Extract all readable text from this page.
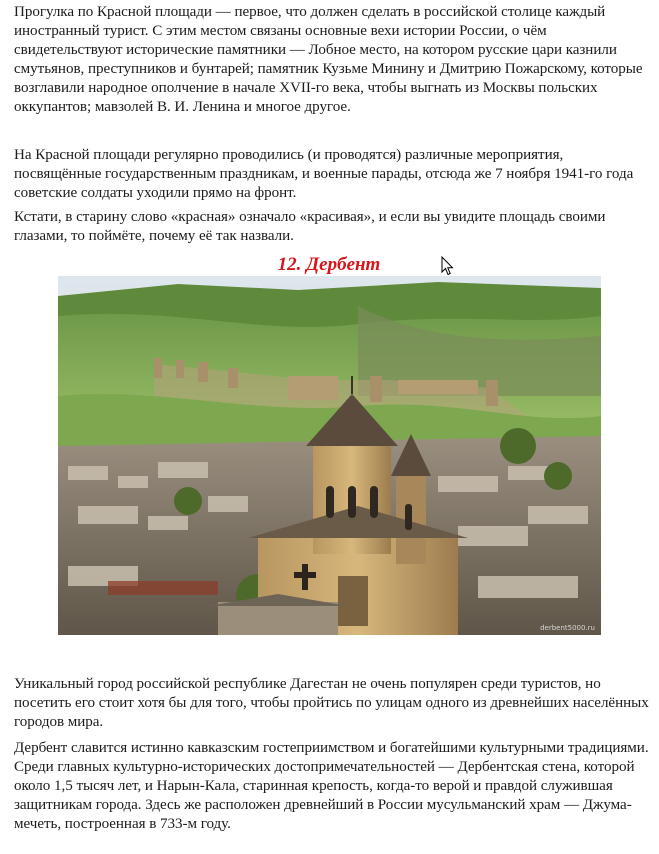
Прогулка по Красной площади — первое, что должен сделать в российской столице каждый иностранный турист. С этим местом связаны основные вехи истории России, о чём свидетельствуют исторические памятники — Лобное место, на котором русские цари казнили смутьянов, преступников и бунтарей; памятник Кузьме Минину и Дмитрию Пожарскому, которые возглавили народное ополчение в начале XVII-го века, чтобы выгнать из Москвы польских оккупантов; мавзолей В. И. Ленина и многое другое.

На Красной площади регулярно проводились (и проводятся) различные мероприятия, посвящённые государственным праздникам, и военные парады, отсюда же 7 ноября 1941-го года советские солдаты уходили прямо на фронт.

Кстати, в старину слово «красная» означало «красивая», и если вы увидите площадь своими глазами, то поймёте, почему её так назвали.

12. Дербент

Уникальный город российской республике Дагестан не очень популярен среди туристов, но посетить его стоит хотя бы для того, чтобы пройтись по улицам одного из древнейших населённых городов мира.

Дербент славится истинно кавказским гостеприимством и богатейшими культурными традициями. Среди главных культурно-исторических достопримечательностей — Дербентская стена, которой около 1,5 тысяч лет, и Нарын-Кала, старинная крепость, когда-то верой и правдой служившая защитникам города. Здесь же расположен древнейший в России мусульманский храм — Джума-мечеть, построенная в 733-м году.

derbent5000.ru
